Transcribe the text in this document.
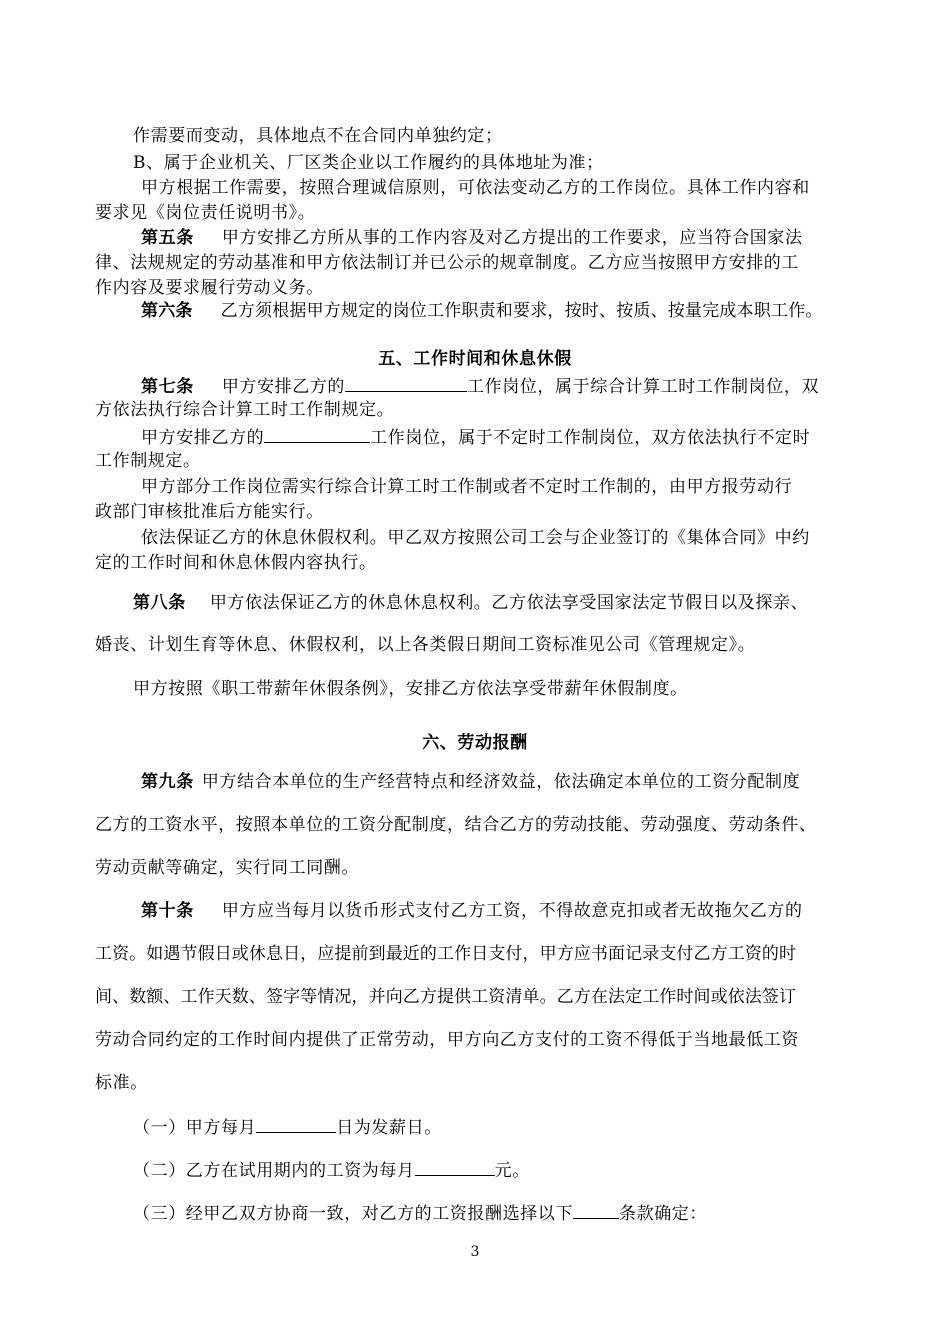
作需要而变动，具体地点不在合同内单独约定；
B、属于企业机关、厂区类企业以工作履约的具体地址为准；
甲方根据工作需要，按照合理诚信原则，可依法变动乙方的工作岗位。具体工作内容和
要求见《岗位责任说明书》。
第五条 甲方安排乙方所从事的工作内容及对乙方提出的工作要求，应当符合国家法
律、法规规定的劳动基准和甲方依法制订并已公示的规章制度。乙方应当按照甲方安排的工
作内容及要求履行劳动义务。
第六条 乙方须根据甲方规定的岗位工作职责和要求，按时、按质、按量完成本职工作。
五、工作时间和休息休假
第七条 甲方安排乙方的	工作岗位，属于综合计算工时工作制岗位，双
方依法执行综合计算工时工作制规定。
甲方安排乙方的	工作岗位，属于不定时工作制岗位，双方依法执行不定时
工作制规定。
甲方部分工作岗位需实行综合计算工时工作制或者不定时工作制的，由甲方报劳动行
政部门审核批准后方能实行。
依法保证乙方的休息休假权利。甲乙双方按照公司工会与企业签订的《集体合同》中约
定的工作时间和休息休假内容执行。
第八条 甲方依法保证乙方的休息休息权利。乙方依法享受国家法定节假日以及探亲、
婚丧、计划生育等休息、休假权利，以上各类假日期间工资标准见公司《管理规定》。
甲方按照《职工带薪年休假条例》，安排乙方依法享受带薪年休假制度。
六、劳动报酬
第九条 甲方结合本单位的生产经营特点和经济效益，依法确定本单位的工资分配制度
乙方的工资水平，按照本单位的工资分配制度，结合乙方的劳动技能、劳动强度、劳动条件、
劳动贡献等确定，实行同工同酬。
第十条 甲方应当每月以货币形式支付乙方工资，不得故意克扣或者无故拖欠乙方的
工资。如遇节假日或休息日，应提前到最近的工作日支付，甲方应书面记录支付乙方工资的时
间、数额、工作天数、签字等情况，并向乙方提供工资清单。乙方在法定工作时间或依法签订
劳动合同约定的工作时间内提供了正常劳动，甲方向乙方支付的工资不得低于当地最低工资
标准。
（一）甲方每月	日为发薪日。
（二）乙方在试用期内的工资为每月	元。
（三）经甲乙双方协商一致，对乙方的工资报酬选择以下	条款确定：
3
